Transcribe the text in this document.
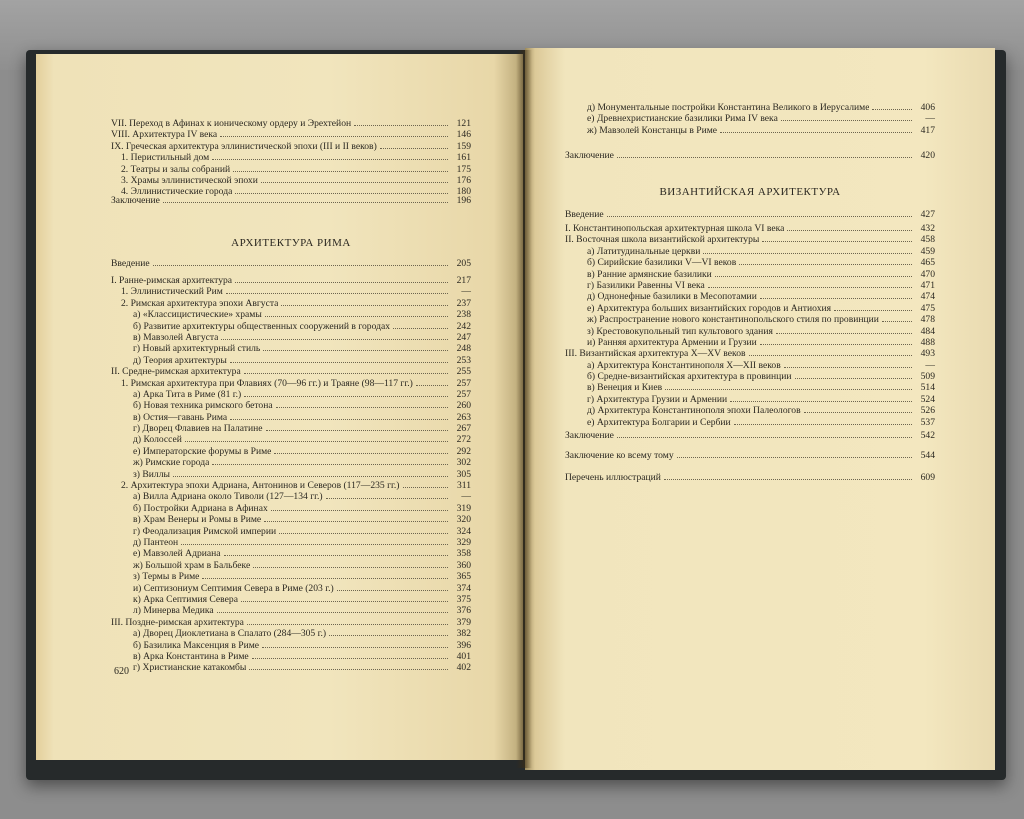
VII. Переход в Афинах к ионическому ордеру и Эрехтейон	121
VIII. Архитектура IV века	146
IX. Греческая архитектура эллинистической эпохи (III и II веков)	159
1. Перистильный дом	161
2. Театры и залы собраний	175
3. Храмы эллинистической эпохи	176
4. Эллинистические города	180
Заключение	196
АРХИТЕКТУРА РИМА
Введение	205
I. Ранне-римская архитектура	217
1. Эллинистический Рим	—
2. Римская архитектура эпохи Августа	237
а) «Классицистические» храмы	238
б) Развитие архитектуры общественных сооружений в городах	242
в) Мавзолей Августа	247
г) Новый архитектурный стиль	248
д) Теория архитектуры	253
II. Средне-римская архитектура	255
1. Римская архитектура при Флавиях (70—96 гг.) и Траяне (98—117 гг.)	257
а) Арка Тита в Риме (81 г.)	257
б) Новая техника римского бетона	260
в) Остия—гавань Рима	263
г) Дворец Флавиев на Палатине	267
д) Колоссей	272
е) Императорские форумы в Риме	292
ж) Римские города	302
з) Виллы	305
2. Архитектура эпохи Адриана, Антонинов и Северов (117—235 гг.)	311
а) Вилла Адриана около Тиволи (127—134 гг.)	—
б) Постройки Адриана в Афинах	319
в) Храм Венеры и Ромы в Риме	320
г) Феодализация Римской империи	324
д) Пантеон	329
е) Мавзолей Адриана	358
ж) Большой храм в Бальбеке	360
з) Термы в Риме	365
и) Септизониум Септимия Севера в Риме (203 г.)	374
к) Арка Септимия Севера	375
л) Минерва Медика	376
III. Поздне-римская архитектура	379
а) Дворец Диоклетиана в Спалато (284—305 г.)	382
б) Базилика Максенция в Риме	396
в) Арка Константина в Риме	401
г) Христианские катакомбы	402
620
д) Монументальные постройки Константина Великого в Иерусалиме	406
е) Древнехристианские базилики Рима IV века	—
ж) Мавзолей Констанцы в Риме	417
Заключение	420
ВИЗАНТИЙСКАЯ АРХИТЕКТУРА
Введение	427
I. Константинопольская архитектурная школа VI века	432
II. Восточная школа византийской архитектуры	458
а) Латитудинальные церкви	459
б) Сирийские базилики V—VI веков	465
в) Ранние армянские базилики	470
г) Базилики Равенны VI века	471
д) Однонефные базилики в Месопотамии	474
е) Архитектура больших византийских городов и Антиохия	475
ж) Распространение нового константинопольского стиля по провинции	478
з) Крестовокупольный тип культового здания	484
и) Ранняя архитектура Армении и Грузии	488
III. Византийская архитектура X—XV веков	493
а) Архитектура Константинополя X—XII веков	—
б) Средне-византийская архитектура в провинции	509
в) Венеция и Киев	514
г) Архитектура Грузии и Армении	524
д) Архитектура Константинополя эпохи Палеологов	526
е) Архитектура Болгарии и Сербии	537
Заключение	542
Заключение ко всему тому	544
Перечень иллюстраций	609
